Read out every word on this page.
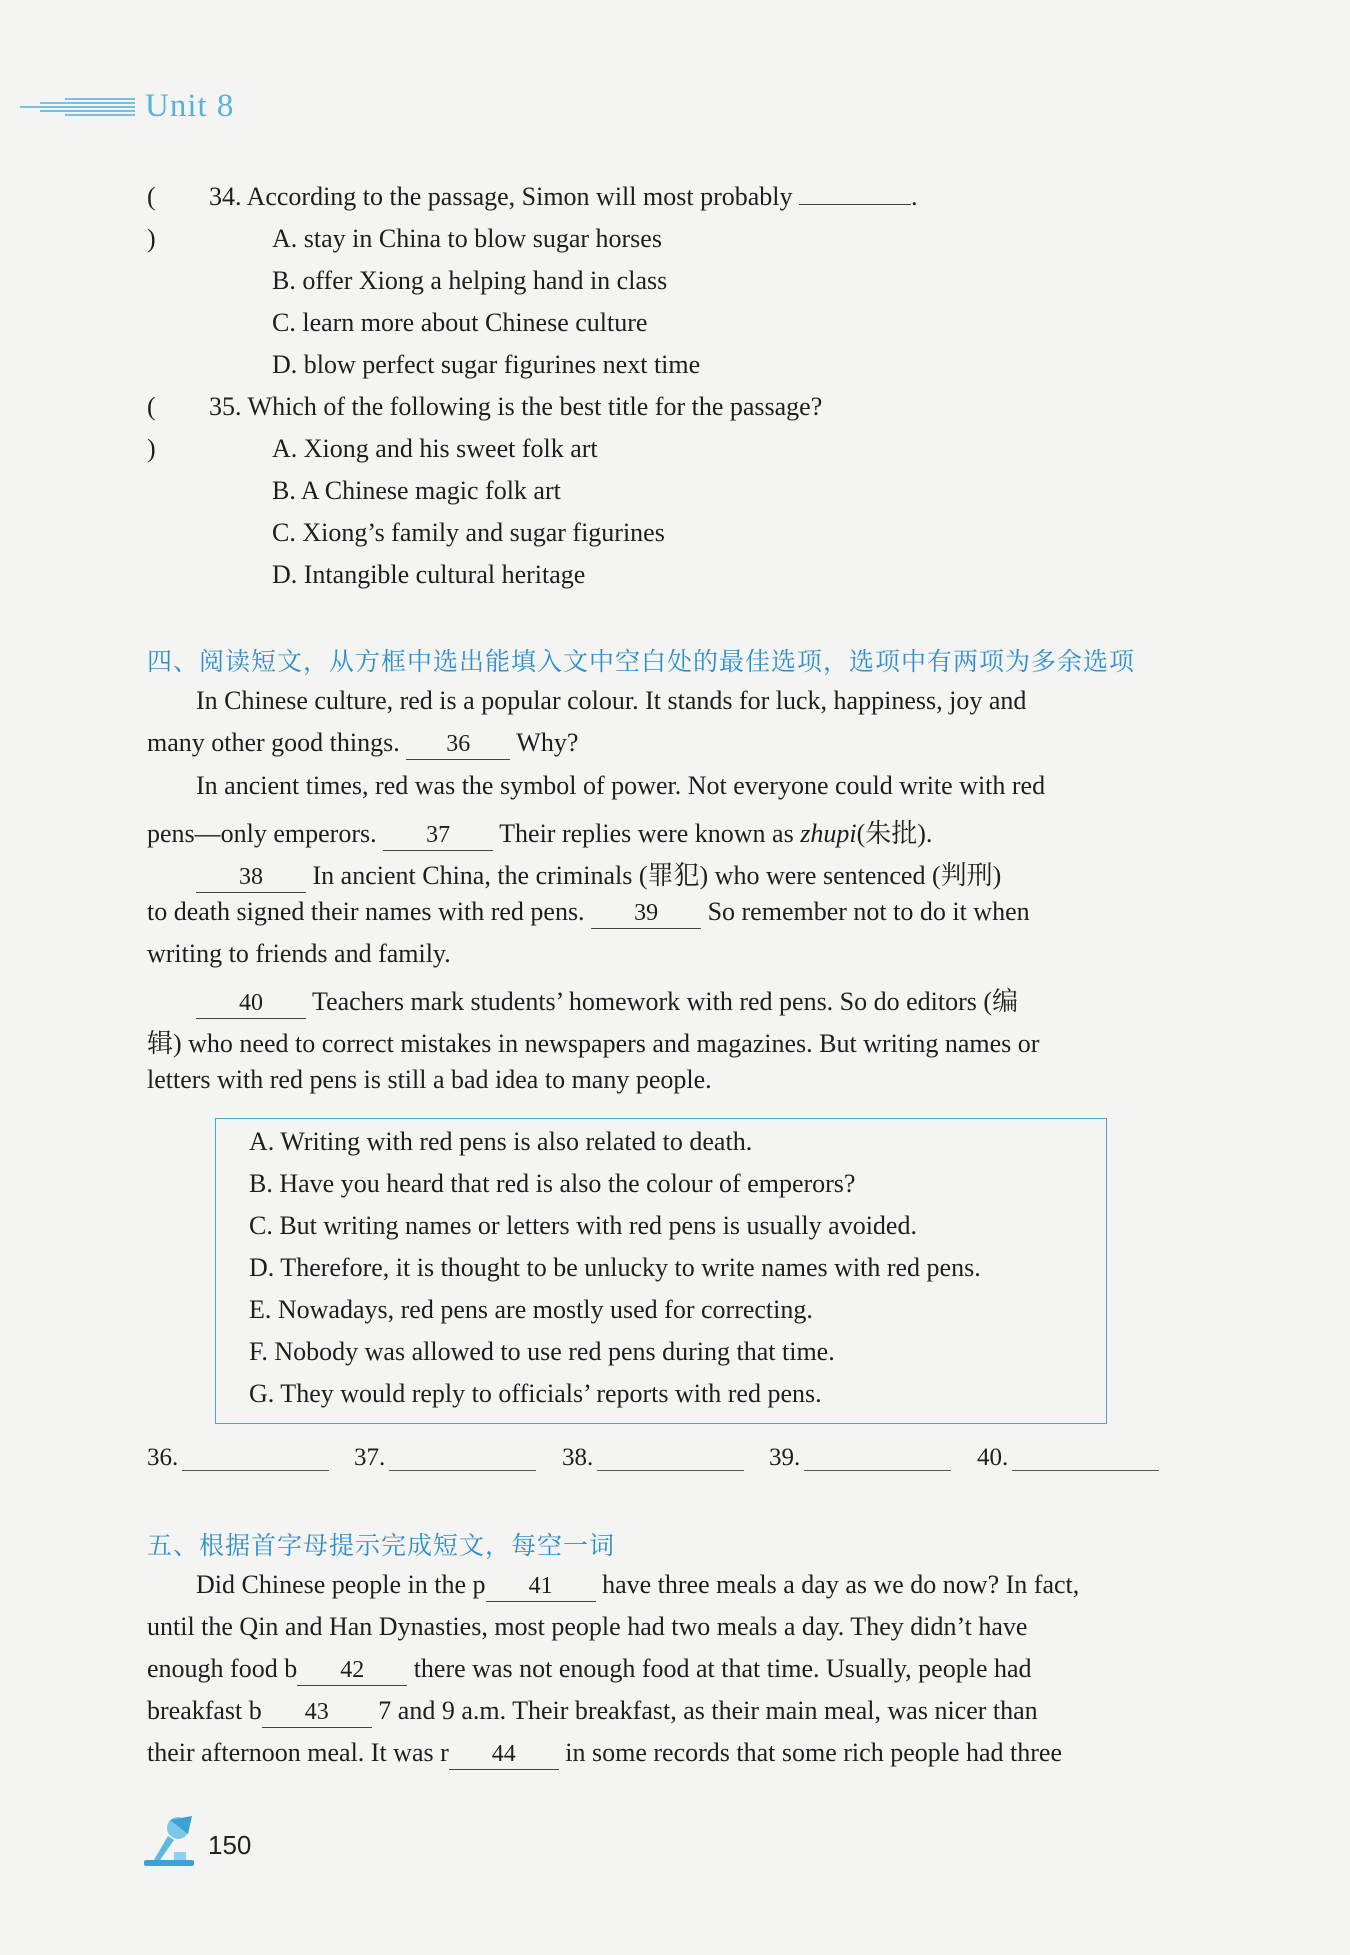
Unit 8
( )
34. According to the passage, Simon will most probably	.
A. stay in China to blow sugar horses
B. offer Xiong a helping hand in class
C. learn more about Chinese culture
D. blow perfect sugar figurines next time
( )
35. Which of the following is the best title for the passage?
A. Xiong and his sweet folk art
B. A Chinese magic folk art
C. Xiong’s family and sugar figurines
D. Intangible cultural heritage
四、阅读短文，从方框中选出能填入文中空白处的最佳选项，选项中有两项为多余选项
In Chinese culture, red is a popular colour. It stands for luck, happiness, joy and
many other good things. 36 Why?
In ancient times, red was the symbol of power. Not everyone could write with red
pens—only emperors. 37 Their replies were known as zhupi(朱批).
38 In ancient China, the criminals (罪犯) who were sentenced (判刑)
to death signed their names with red pens. 39 So remember not to do it when
writing to friends and family.
40 Teachers mark students’ homework with red pens. So do editors (编
辑) who need to correct mistakes in newspapers and magazines. But writing names or
letters with red pens is still a bad idea to many people.
A. Writing with red pens is also related to death.
B. Have you heard that red is also the colour of emperors?
C. But writing names or letters with red pens is usually avoided.
D. Therefore, it is thought to be unlucky to write names with red pens.
E. Nowadays, red pens are mostly used for correcting.
F. Nobody was allowed to use red pens during that time.
G. They would reply to officials’ reports with red pens.
36.	37.	38.	39.	40.
五、根据首字母提示完成短文，每空一词
Did Chinese people in the p 41 have three meals a day as we do now? In fact,
until the Qin and Han Dynasties, most people had two meals a day. They didn’t have
enough food b 42 there was not enough food at that time. Usually, people had
breakfast b 43 7 and 9 a.m. Their breakfast, as their main meal, was nicer than
their afternoon meal. It was r 44 in some records that some rich people had three
150
